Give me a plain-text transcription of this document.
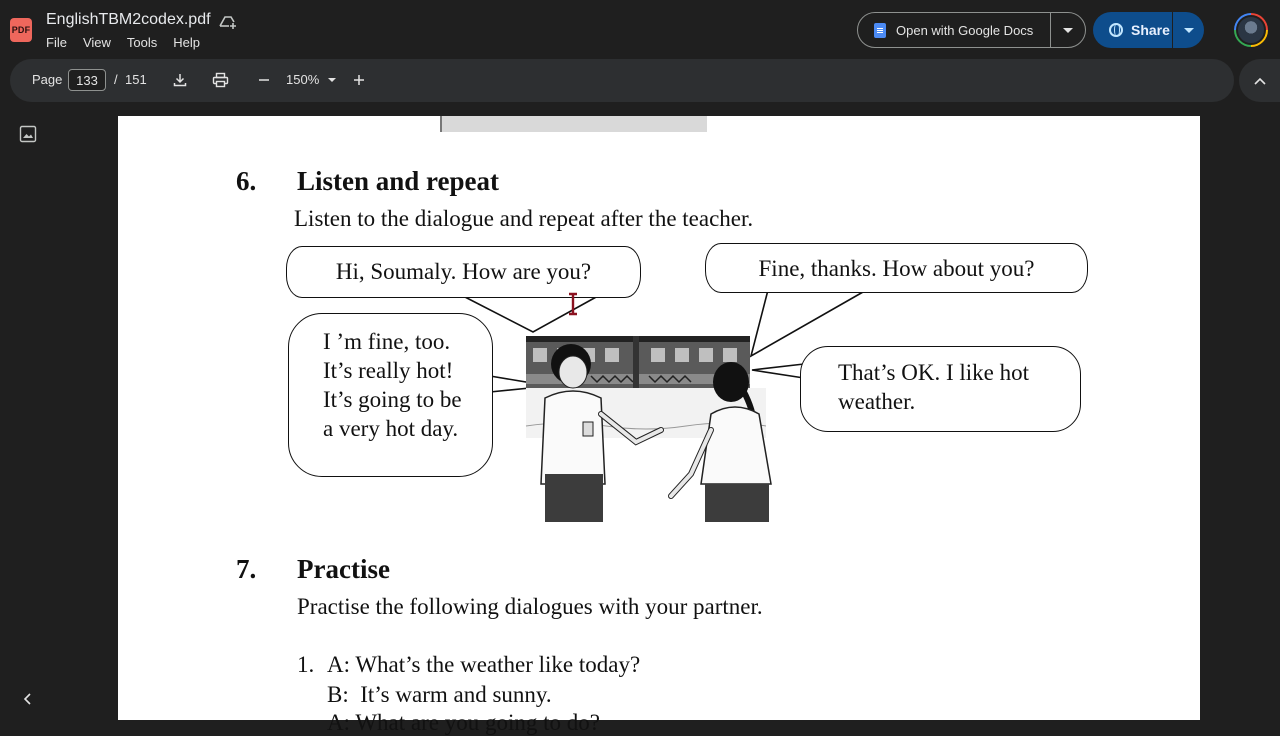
PDF
EnglishTBM2codex.pdf
File View Tools Help
Open with Google Docs	Share
Page
133	/ 151	150%
6. Listen and repeat
Listen to the dialogue and repeat after the teacher.
Hi, Soumaly. How are you?	Fine, thanks. How about you?
I ’m fine, too.
It’s really hot!
It’s going to be
a very hot day.
That’s OK. I like hot
weather.
7. Practise
Practise the following dialogues with your partner.
1. A: What’s the weather like today?
B:  It’s warm and sunny.
A: What are you going to do?
